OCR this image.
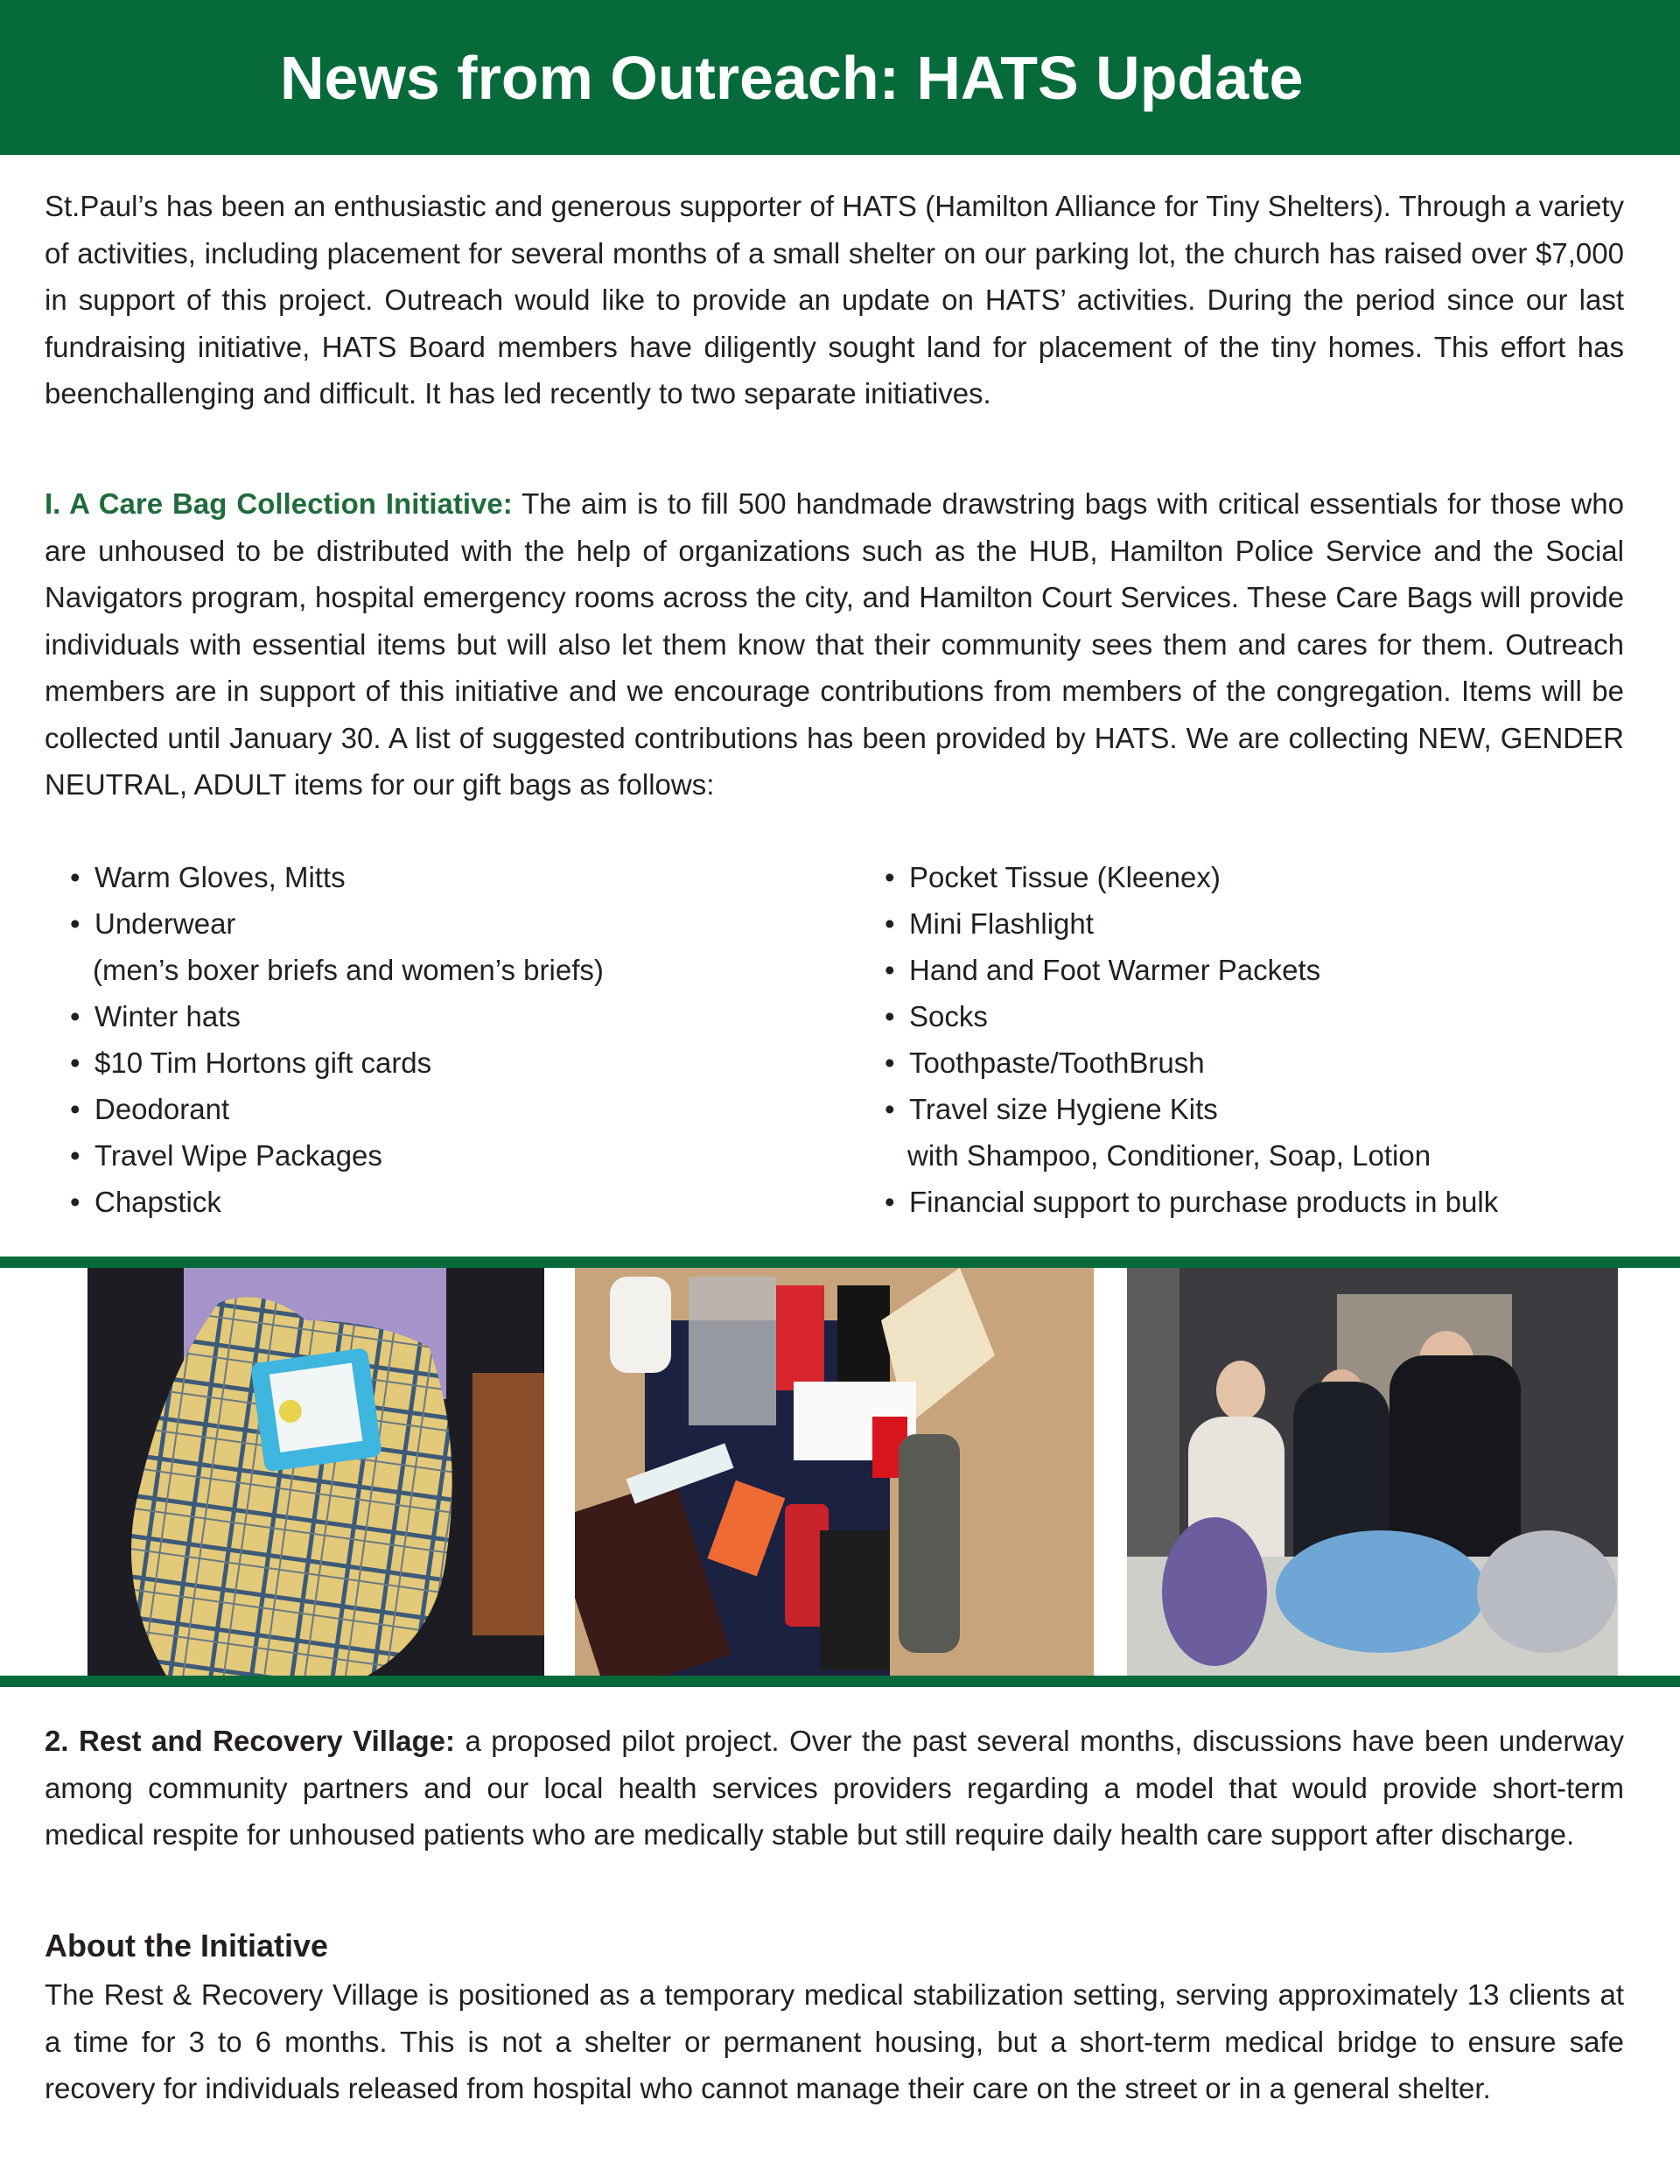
News from Outreach: HATS Update
St.Paul’s has been an enthusiastic and generous supporter of HATS (Hamilton Alliance for Tiny Shelters). Through a variety of activities, including placement for several months of a small shelter on our parking lot, the church has raised over $7,000 in support of this project. Outreach would like to provide an update on HATS’ activities. During the period since our last fundraising initiative, HATS Board members have diligently sought land for placement of the tiny homes. This effort has beenchallenging and difficult. It has led recently to two separate initiatives.
I. A Care Bag Collection Initiative: The aim is to fill 500 handmade drawstring bags with critical essentials for those who are unhoused to be distributed with the help of organizations such as the HUB, Hamilton Police Service and the Social Navigators program, hospital emergency rooms across the city, and Hamilton Court Services. These Care Bags will provide individuals with essential items but will also let them know that their community sees them and cares for them. Outreach members are in support of this initiative and we encourage contributions from members of the congregation. Items will be collected until January 30. A list of suggested contributions has been provided by HATS. We are collecting NEW, GENDER NEUTRAL, ADULT items for our gift bags as follows:
• Warm Gloves, Mitts
• Underwear
(men’s boxer briefs and women’s briefs)
• Winter hats
• $10 Tim Hortons gift cards
• Deodorant
• Travel Wipe Packages
• Chapstick
• Pocket Tissue (Kleenex)
• Mini Flashlight
• Hand and Foot Warmer Packets
• Socks
• Toothpaste/ToothBrush
• Travel size Hygiene Kits
with Shampoo, Conditioner, Soap, Lotion
• Financial support to purchase products in bulk
2. Rest and Recovery Village: a proposed pilot project. Over the past several months, discussions have been underway among community partners and our local health services providers regarding a model that would provide short-term medical respite for unhoused patients who are medically stable but still require daily health care support after discharge.
About the Initiative
The Rest & Recovery Village is positioned as a temporary medical stabilization setting, serving approximately 13 clients at a time for 3 to 6 months. This is not a shelter or permanent housing, but a short-term medical bridge to ensure safe recovery for individuals released from hospital who cannot manage their care on the street or in a general shelter.
